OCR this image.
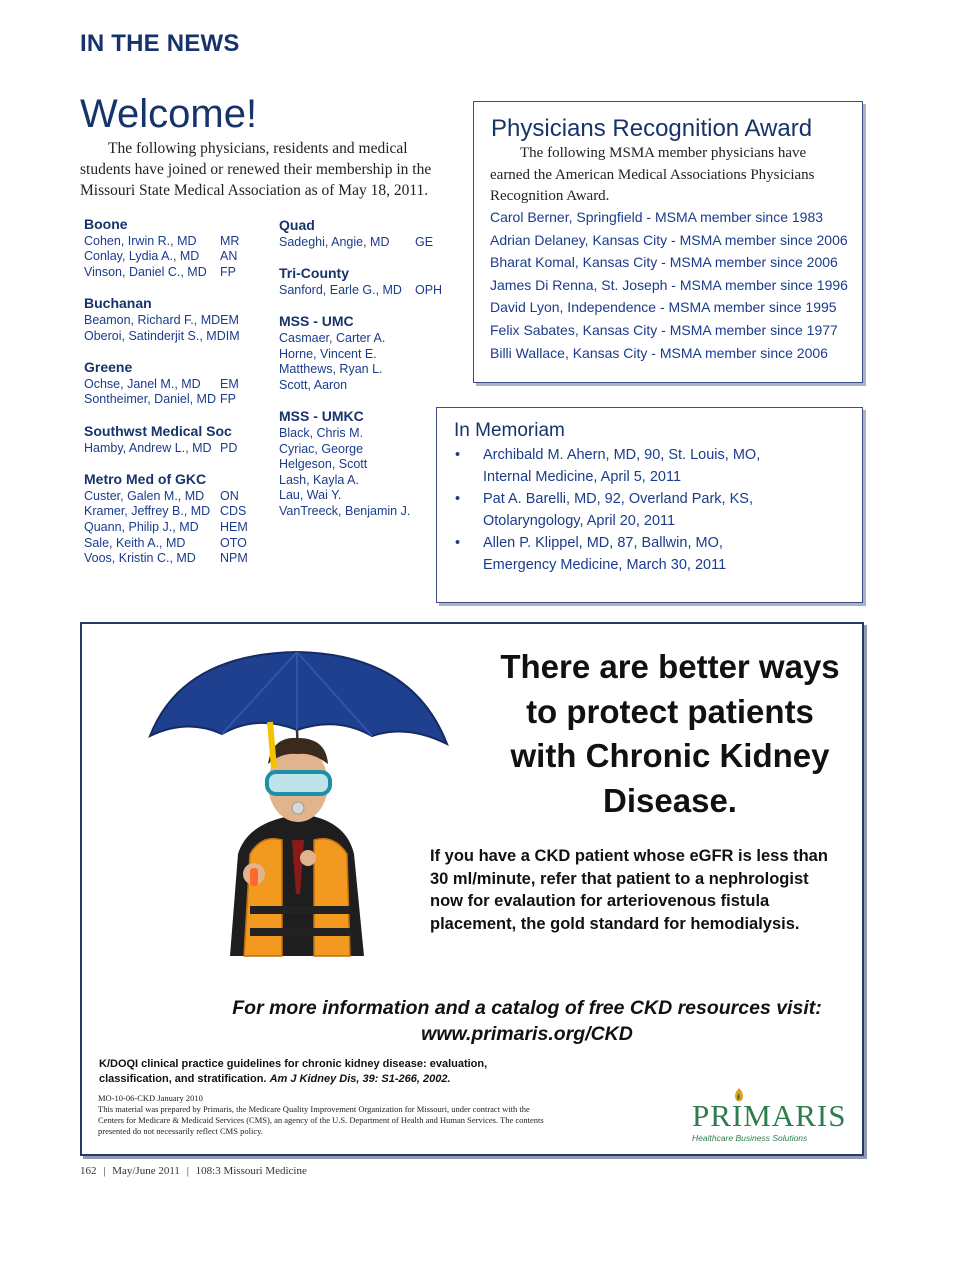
IN THE NEWS
Welcome!
The following physicians, residents and medical students have joined or renewed their membership in the Missouri State Medical Association as of May 18, 2011.
Boone
Cohen, Irwin R., MD	MR
Conlay, Lydia A., MD	AN
Vinson, Daniel C., MD	FP
Buchanan
Beamon, Richard F., MD EM
Oberoi, Satinderjit S., MD IM
Greene
Ochse, Janel M., MD	EM
Sontheimer, Daniel, MD FP
Southwst Medical Soc
Hamby, Andrew L., MD PD
Metro Med of GKC
Custer, Galen M., MD	ON
Kramer, Jeffrey B., MD CDS
Quann, Philip J., MD	HEM
Sale, Keith A., MD	OTO
Voos, Kristin C., MD	NPM
Quad
Sadeghi, Angie, MD	GE
Tri-County
Sanford, Earle G., MD	OPH
MSS - UMC
Casmaer, Carter A.
Horne, Vincent E.
Matthews, Ryan L.
Scott, Aaron
MSS - UMKC
Black, Chris M.
Cyriac, George
Helgeson, Scott
Lash, Kayla A.
Lau, Wai Y.
VanTreeck, Benjamin J.
Physicians Recognition Award
The following MSMA member physicians have earned the American Medical Associations Physicians Recognition Award.
Carol Berner, Springfield - MSMA member since 1983
Adrian Delaney, Kansas City - MSMA member since 2006
Bharat Komal, Kansas City - MSMA member since 2006
James Di Renna, St. Joseph - MSMA member since 1996
David Lyon, Independence - MSMA member since 1995
Felix Sabates, Kansas City - MSMA member since 1977
Billi Wallace, Kansas City - MSMA member since 2006
In Memoriam
•	Archibald M. Ahern, MD, 90, St. Louis, MO,
Internal Medicine, April 5, 2011
•	Pat A. Barelli, MD, 92, Overland Park, KS,
Otolaryngology, April 20, 2011
•	Allen P. Klippel, MD, 87, Ballwin, MO,
Emergency Medicine, March 30, 2011
There are better ways
to protect patients
with Chronic Kidney
Disease.
If you have a CKD patient whose eGFR is less than
30 ml/minute, refer that patient to a nephrologist
now for evalaution for arteriovenous fistula
placement, the gold standard for hemodialysis.
For more information and a catalog of free CKD resources visit:
www.primaris.org/CKD
K/DOQI clinical practice guidelines for chronic kidney disease: evaluation,
classification, and stratification. Am J Kidney Dis, 39: S1-266, 2002.
MO-10-06-CKD January 2010
This material was prepared by Primaris, the Medicare Quality Improvement Organization for Missouri, under contract with the
Centers for Medicare & Medicaid Services (CMS), an agency of the U.S. Department of Health and Human Services. The contents
presented do not necessarily reflect CMS policy.	PRIMARIS
Healthcare Business Solutions
162 | May/June 2011 | 108:3 Missouri Medicine
